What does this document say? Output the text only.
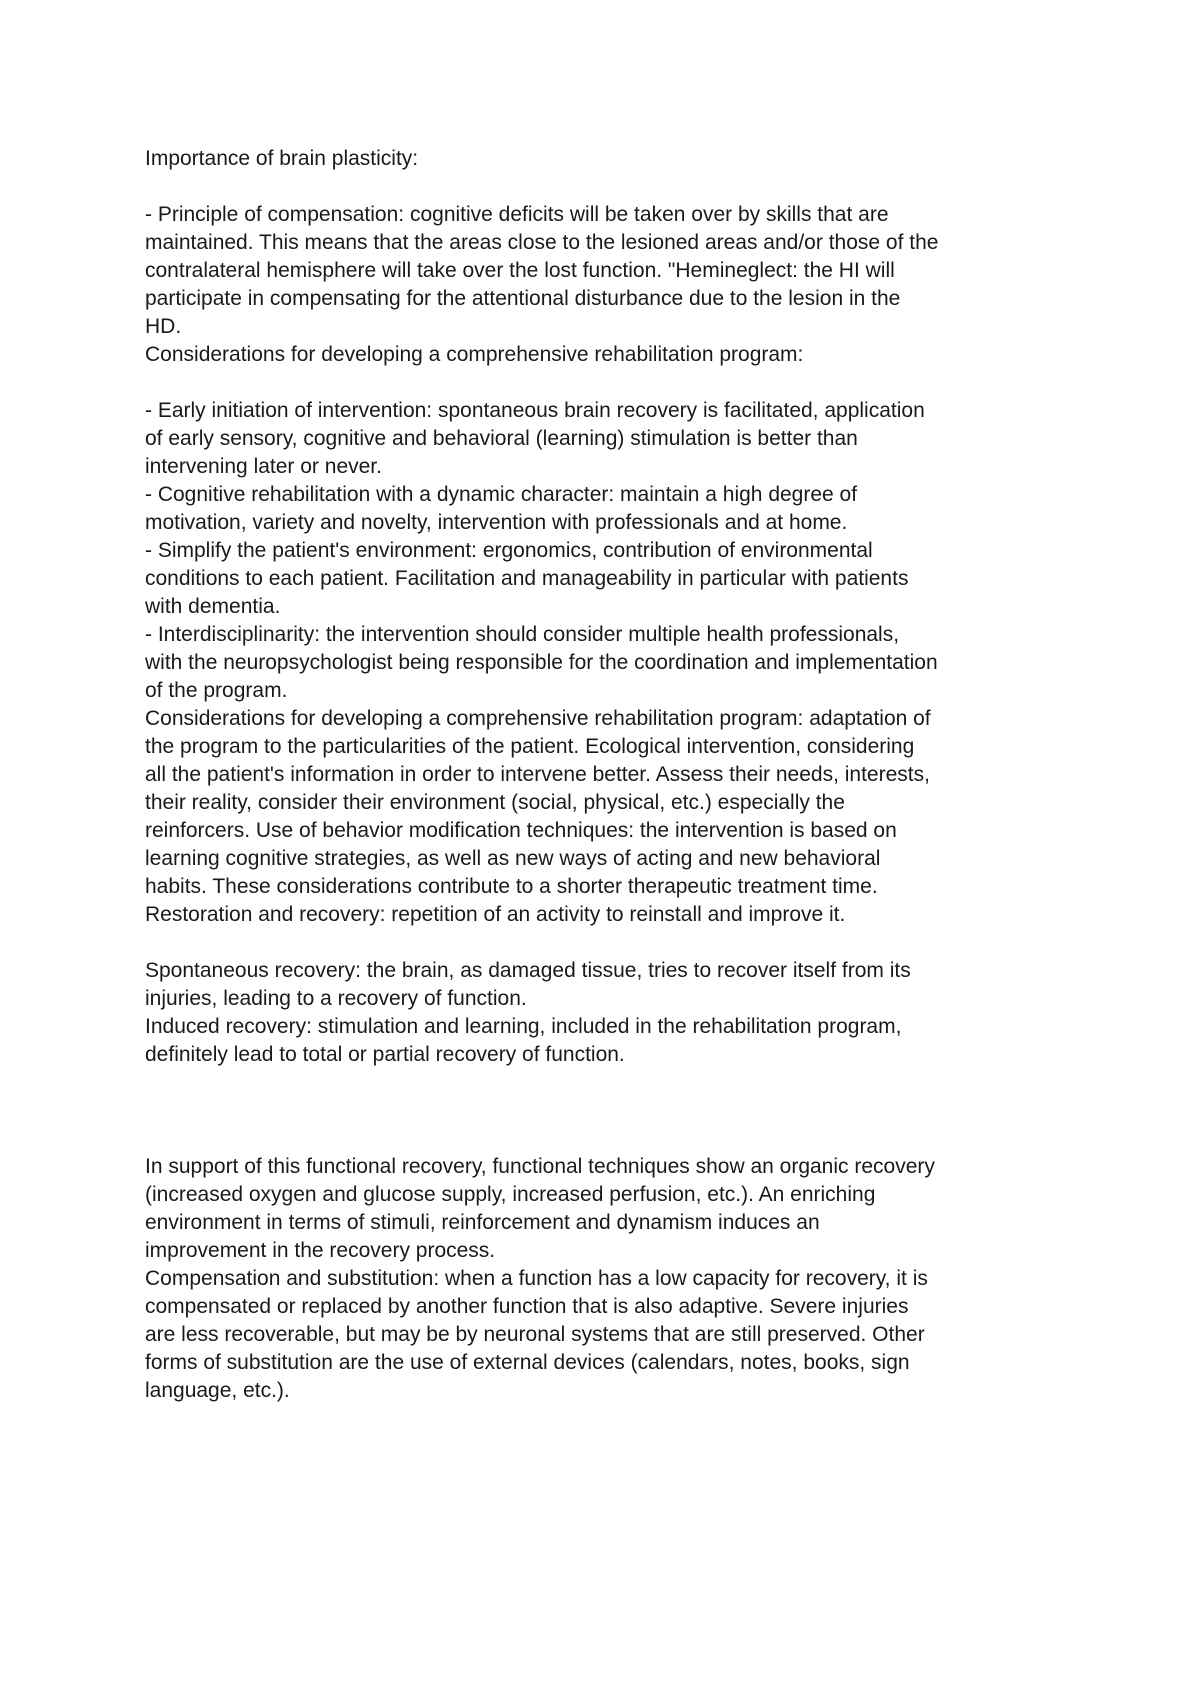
Importance of brain plasticity:
- Principle of compensation: cognitive deficits will be taken over by skills that are
maintained. This means that the areas close to the lesioned areas and/or those of the
contralateral hemisphere will take over the lost function. "Hemineglect: the HI will
participate in compensating for the attentional disturbance due to the lesion in the
HD.
Considerations for developing a comprehensive rehabilitation program:
- Early initiation of intervention: spontaneous brain recovery is facilitated, application
of early sensory, cognitive and behavioral (learning) stimulation is better than
intervening later or never.
- Cognitive rehabilitation with a dynamic character: maintain a high degree of
motivation, variety and novelty, intervention with professionals and at home.
- Simplify the patient's environment: ergonomics, contribution of environmental
conditions to each patient. Facilitation and manageability in particular with patients
with dementia.
- Interdisciplinarity: the intervention should consider multiple health professionals,
with the neuropsychologist being responsible for the coordination and implementation
of the program.
Considerations for developing a comprehensive rehabilitation program: adaptation of
the program to the particularities of the patient. Ecological intervention, considering
all the patient's information in order to intervene better. Assess their needs, interests,
their reality, consider their environment (social, physical, etc.) especially the
reinforcers. Use of behavior modification techniques: the intervention is based on
learning cognitive strategies, as well as new ways of acting and new behavioral
habits. These considerations contribute to a shorter therapeutic treatment time.
Restoration and recovery: repetition of an activity to reinstall and improve it.
Spontaneous recovery: the brain, as damaged tissue, tries to recover itself from its
injuries, leading to a recovery of function.
Induced recovery: stimulation and learning, included in the rehabilitation program,
definitely lead to total or partial recovery of function.
In support of this functional recovery, functional techniques show an organic recovery
(increased oxygen and glucose supply, increased perfusion, etc.). An enriching
environment in terms of stimuli, reinforcement and dynamism induces an
improvement in the recovery process.
Compensation and substitution: when a function has a low capacity for recovery, it is
compensated or replaced by another function that is also adaptive. Severe injuries
are less recoverable, but may be by neuronal systems that are still preserved. Other
forms of substitution are the use of external devices (calendars, notes, books, sign
language, etc.).
